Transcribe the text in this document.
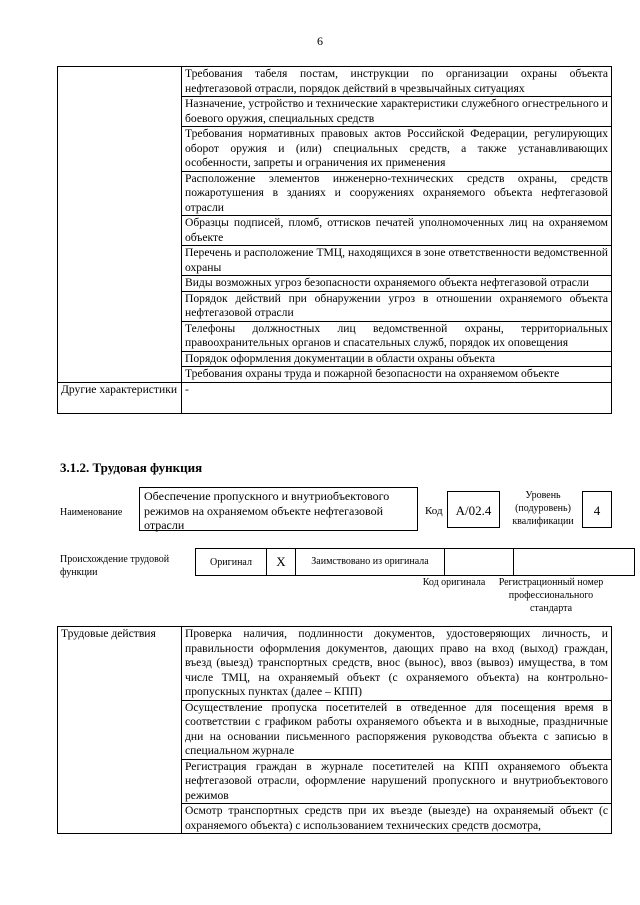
6
	Требования табеля постам, инструкции по организации охраны объекта нефтегазовой отрасли, порядок действий в чрезвычайных ситуациях
	Назначение, устройство и технические характеристики служебного огнестрельного и боевого оружия, специальных средств
	Требования нормативных правовых актов Российской Федерации, регулирующих оборот оружия и (или) специальных средств, а также устанавливающих особенности, запреты и ограничения их применения
	Расположение элементов инженерно-технических средств охраны, средств пожаротушения в зданиях и сооружениях охраняемого объекта нефтегазовой отрасли
	Образцы подписей, пломб, оттисков печатей уполномоченных лиц на охраняемом объекте
	Перечень и расположение ТМЦ, находящихся в зоне ответственности ведомственной охраны
	Виды возможных угроз безопасности охраняемого объекта нефтегазовой отрасли
	Порядок действий при обнаружении угроз в отношении охраняемого объекта нефтегазовой отрасли
	Телефоны должностных лиц ведомственной охраны, территориальных правоохранительных органов и спасательных служб, порядок их оповещения
	Порядок оформления документации в области охраны объекта
	Требования охраны труда и пожарной безопасности на охраняемом объекте
Другие характеристики	-
3.1.2. Трудовая функция
Наименование
Обеспечение пропускного и внутриобъектового режимов на охраняемом объекте нефтегазовой отрасли
Код	А/02.4
Уровень (подуровень) квалификации
4
Происхождение трудовой функции
Оригинал	X	Заимствовано из оригинала		
Код оригинала	Регистрационный номер профессионального стандарта
Трудовые действия	Проверка наличия, подлинности документов, удостоверяющих личность, и правильности оформления документов, дающих право на вход (выход) граждан, въезд (выезд) транспортных средств, внос (вынос), ввоз (вывоз) имущества, в том числе ТМЦ, на охраняемый объект (с охраняемого объекта) на контрольно-пропускных пунктах (далее – КПП)
Осуществление пропуска посетителей в отведенное для посещения время в соответствии с графиком работы охраняемого объекта и в выходные, праздничные дни на основании письменного распоряжения руководства объекта с записью в специальном журнале
Регистрация граждан в журнале посетителей на КПП охраняемого объекта нефтегазовой отрасли, оформление нарушений пропускного и внутриобъектового режимов
Осмотр транспортных средств при их въезде (выезде) на охраняемый объект (с охраняемого объекта) с использованием технических средств досмотра,
